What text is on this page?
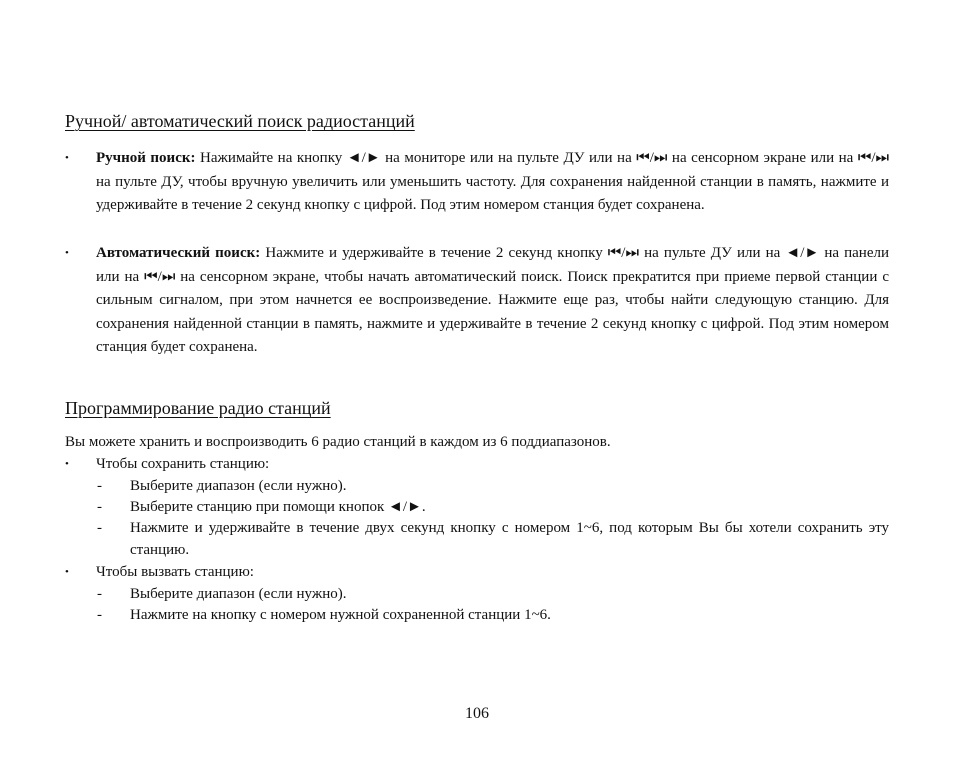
Ручной/ автоматический поиск радиостанций
•	Ручной поиск: Нажимайте на кнопку ◄/► на мониторе или на пульте ДУ или на ⏮/⏭ на сенсорном экране или на ⏮/⏭ на пульте ДУ, чтобы вручную увеличить или уменьшить частоту. Для сохранения найденной станции в память, нажмите и удерживайте в течение 2 секунд кнопку с цифрой. Под этим номером станция будет сохранена.
•	Автоматический поиск: Нажмите и удерживайте в течение 2 секунд кнопку ⏮/⏭ на пульте ДУ или на ◄/► на панели или на ⏮/⏭ на сенсорном экране, чтобы начать автоматический поиск. Поиск прекратится при приеме первой станции с сильным сигналом, при этом начнется ее воспроизведение. Нажмите еще раз, чтобы найти следующую станцию. Для сохранения найденной станции в память, нажмите и удерживайте в течение 2 секунд кнопку с цифрой. Под этим номером станция будет сохранена.
Программирование радио станций
Вы можете хранить и воспроизводить 6 радио станций в каждом из 6 поддиапазонов.
• Чтобы сохранить станцию:
- Выберите диапазон (если нужно).
- Выберите станцию при помощи кнопок ◄/►.
- Нажмите и удерживайте в течение двух секунд кнопку с номером 1~6, под которым Вы бы хотели сохранить эту станцию.
• Чтобы вызвать станцию:
- Выберите диапазон (если нужно).
- Нажмите на кнопку с номером нужной сохраненной станции 1~6.
106
